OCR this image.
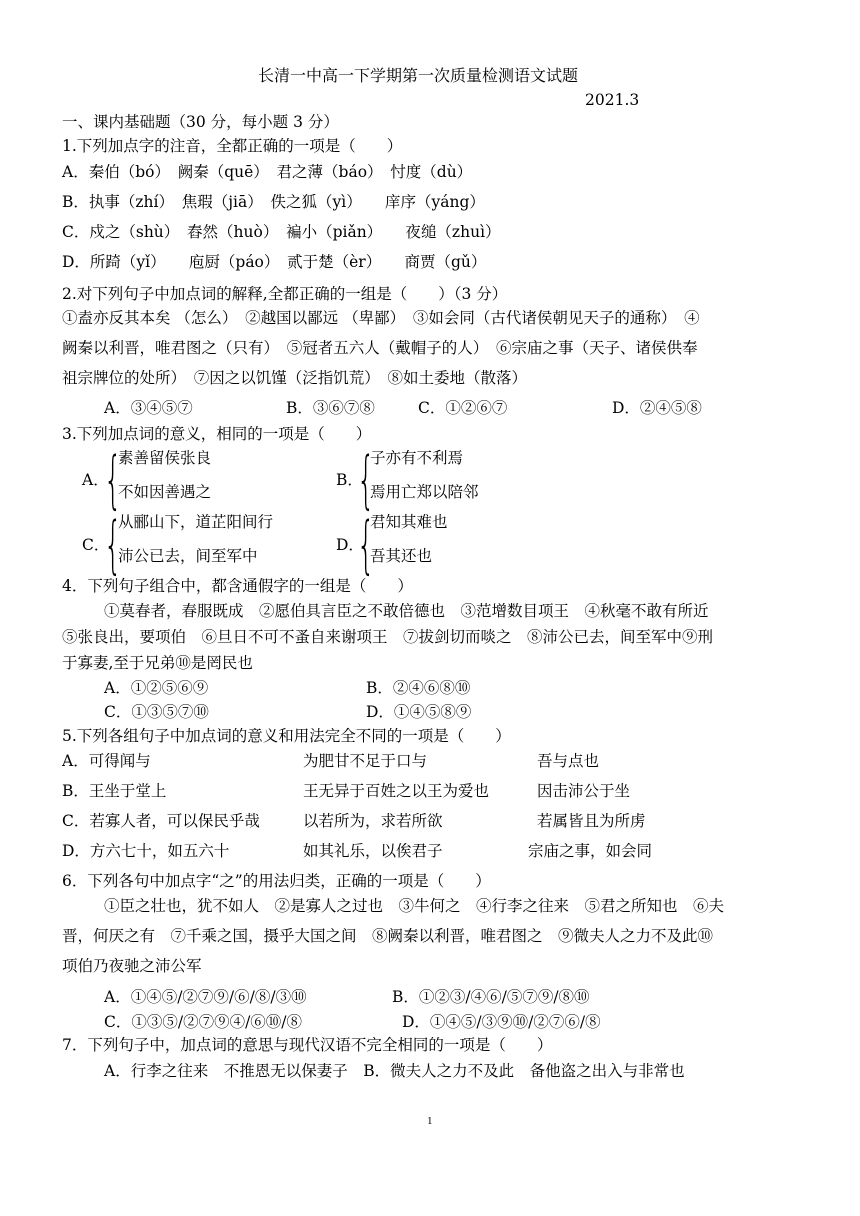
长清一中高一下学期第一次质量检测语文试题
2021.3
一、课内基础题（30 分，每小题 3 分）
1.下列加点字的注音，全都正确的一项是（　　）
A．秦伯（bó）　阙秦（quē）　君之薄（báo）　忖度（dù）
B．执事（zhí）　焦瑕（jiā）　佚之狐（yì）　　庠序（yáng）
C．戍之（shù）　舂然（huò）　褊小（piǎn）　　夜缒（zhuì）
D．所踦（yǐ）　　庖厨（páo）　贰于楚（èr）　　商贾（gǔ）
2.对下列句子中加点词的解释,全都正确的一组是（　　）（3 分）
①盍亦反其本矣 （怎么）　②越国以鄙远 （卑鄙）　③如会同（古代诸侯朝见天子的通称）　④
阙秦以利晋，唯君图之（只有）　⑤冠者五六人（戴帽子的人）　⑥宗庙之事（天子、诸侯供奉
祖宗牌位的处所）　⑦因之以饥馑（泛指饥荒）　⑧如土委地（散落）
A．③④⑤⑦	B．③⑥⑦⑧	C．①②⑥⑦	D．②④⑤⑧
3.下列加点词的意义，相同的一项是（　　）
A．
{
素善留侯张良
不如因善遇之
B．
{
子亦有不利焉
焉用亡郑以陪邻
C．
{
从郦山下，道芷阳间行
沛公已去，间至军中
D．
{
君知其难也
吾其还也
4．下列句子组合中，都含通假字的一组是（　　）
①莫春者，春服既成　②愿伯具言臣之不敢倍德也　③范增数目项王　④秋毫不敢有所近
⑤张良出，要项伯　⑥旦日不可不蚤自来谢项王　⑦拔剑切而啖之　⑧沛公已去，间至军中⑨刑
于寡妻,至于兄弟⑩是罔民也
A．①②⑤⑥⑨	B．②④⑥⑧⑩
C．①③⑤⑦⑩	D．①④⑤⑧⑨
5.下列各组句子中加点词的意义和用法完全不同的一项是（　　）
A．可得闻与	为肥甘不足于口与	吾与点也
B．王坐于堂上	王无异于百姓之以王为爱也	因击沛公于坐
C．若寡人者，可以保民乎哉	以若所为，求若所欲	若属皆且为所虏
D．方六七十，如五六十	如其礼乐，以俟君子	宗庙之事，如会同
6．下列各句中加点字“之”的用法归类，正确的一项是（　　）
①臣之壮也，犹不如人　②是寡人之过也　③牛何之　④行李之往来　⑤君之所知也　⑥夫
晋，何厌之有　⑦千乘之国，摄乎大国之间　⑧阙秦以利晋，唯君图之　⑨微夫人之力不及此⑩
项伯乃夜驰之沛公军
A．①④⑤/②⑦⑨/⑥/⑧/③⑩	B．①②③/④⑥/⑤⑦⑨/⑧⑩
C．①③⑤/②⑦⑨④/⑥⑩/⑧	D．①④⑤/③⑨⑩/②⑦⑥/⑧
7．下列句子中，加点词的意思与现代汉语不完全相同的一项是（　　）
A．行李之往来　不推恩无以保妻子　B．微夫人之力不及此　备他盗之出入与非常也
1
